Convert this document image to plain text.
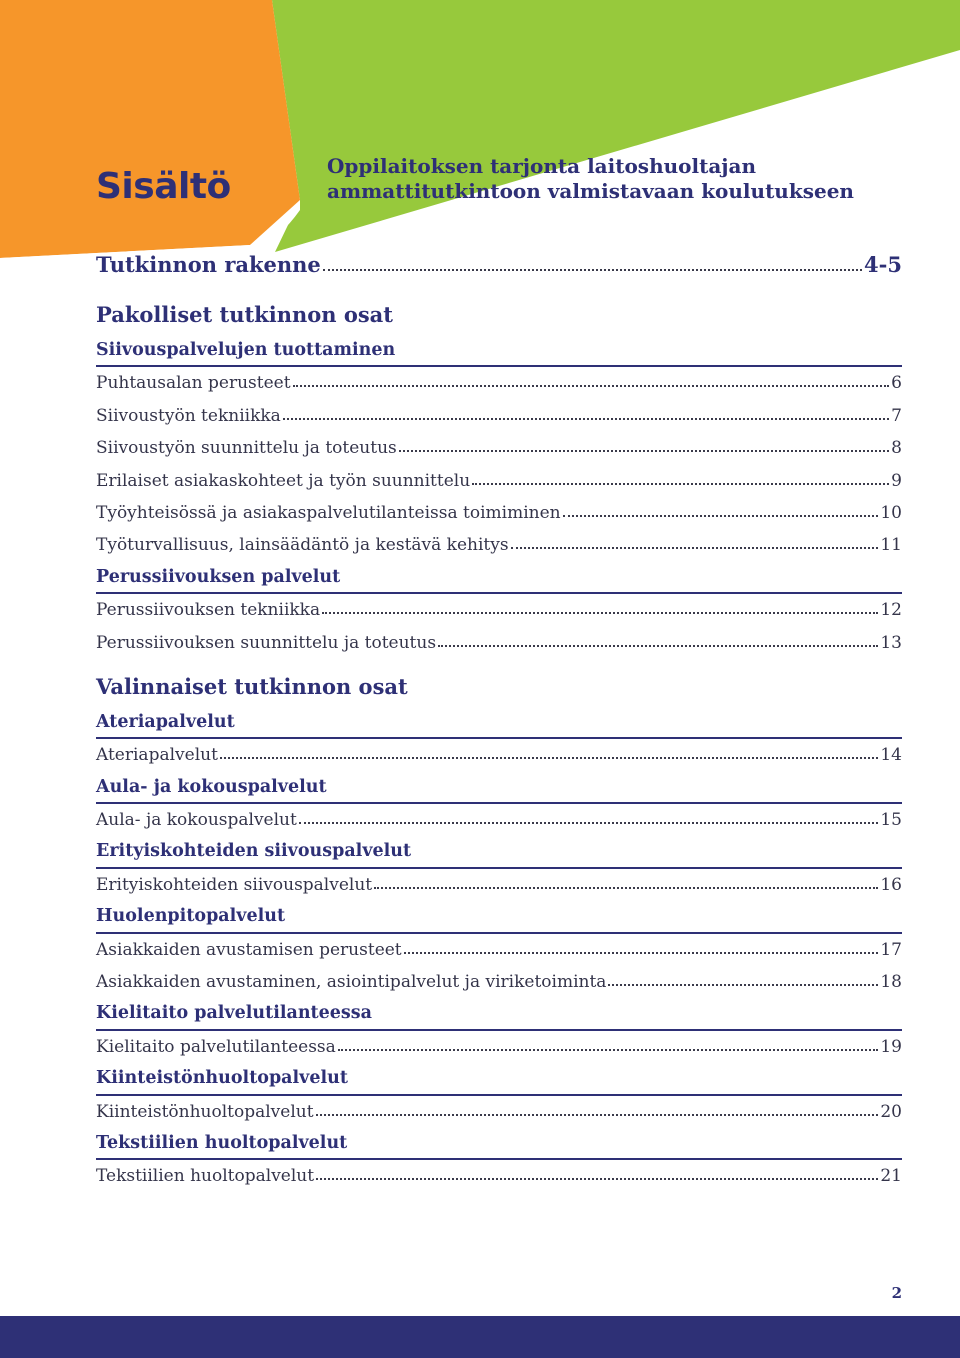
Sisältö	Oppilaitoksen tarjonta laitoshuoltajan
ammattitutkintoon valmistavaan koulutukseen
Tutkinnon rakenne	4-5
Pakolliset tutkinnon osat
Siivouspalvelujen tuottaminen
Puhtausalan perusteet	6
Siivoustyön tekniikka	7
Siivoustyön suunnittelu ja toteutus	8
Erilaiset asiakaskohteet ja työn suunnittelu	9
Työyhteisössä ja asiakaspalvelutilanteissa toimiminen	10
Työturvallisuus, lainsäädäntö ja kestävä kehitys	11
Perussiivouksen palvelut
Perussiivouksen tekniikka	12
Perussiivouksen suunnittelu ja toteutus	13
Valinnaiset tutkinnon osat
Ateriapalvelut
Ateriapalvelut	14
Aula- ja kokouspalvelut
Aula- ja kokouspalvelut	15
Erityiskohteiden siivouspalvelut
Erityiskohteiden siivouspalvelut	16
Huolenpitopalvelut
Asiakkaiden avustamisen perusteet	17
Asiakkaiden avustaminen, asiointipalvelut ja viriketoiminta	18
Kielitaito palvelutilanteessa
Kielitaito palvelutilanteessa	19
Kiinteistönhuoltopalvelut
Kiinteistönhuoltopalvelut	20
Tekstiilien huoltopalvelut
Tekstiilien huoltopalvelut	21
2
